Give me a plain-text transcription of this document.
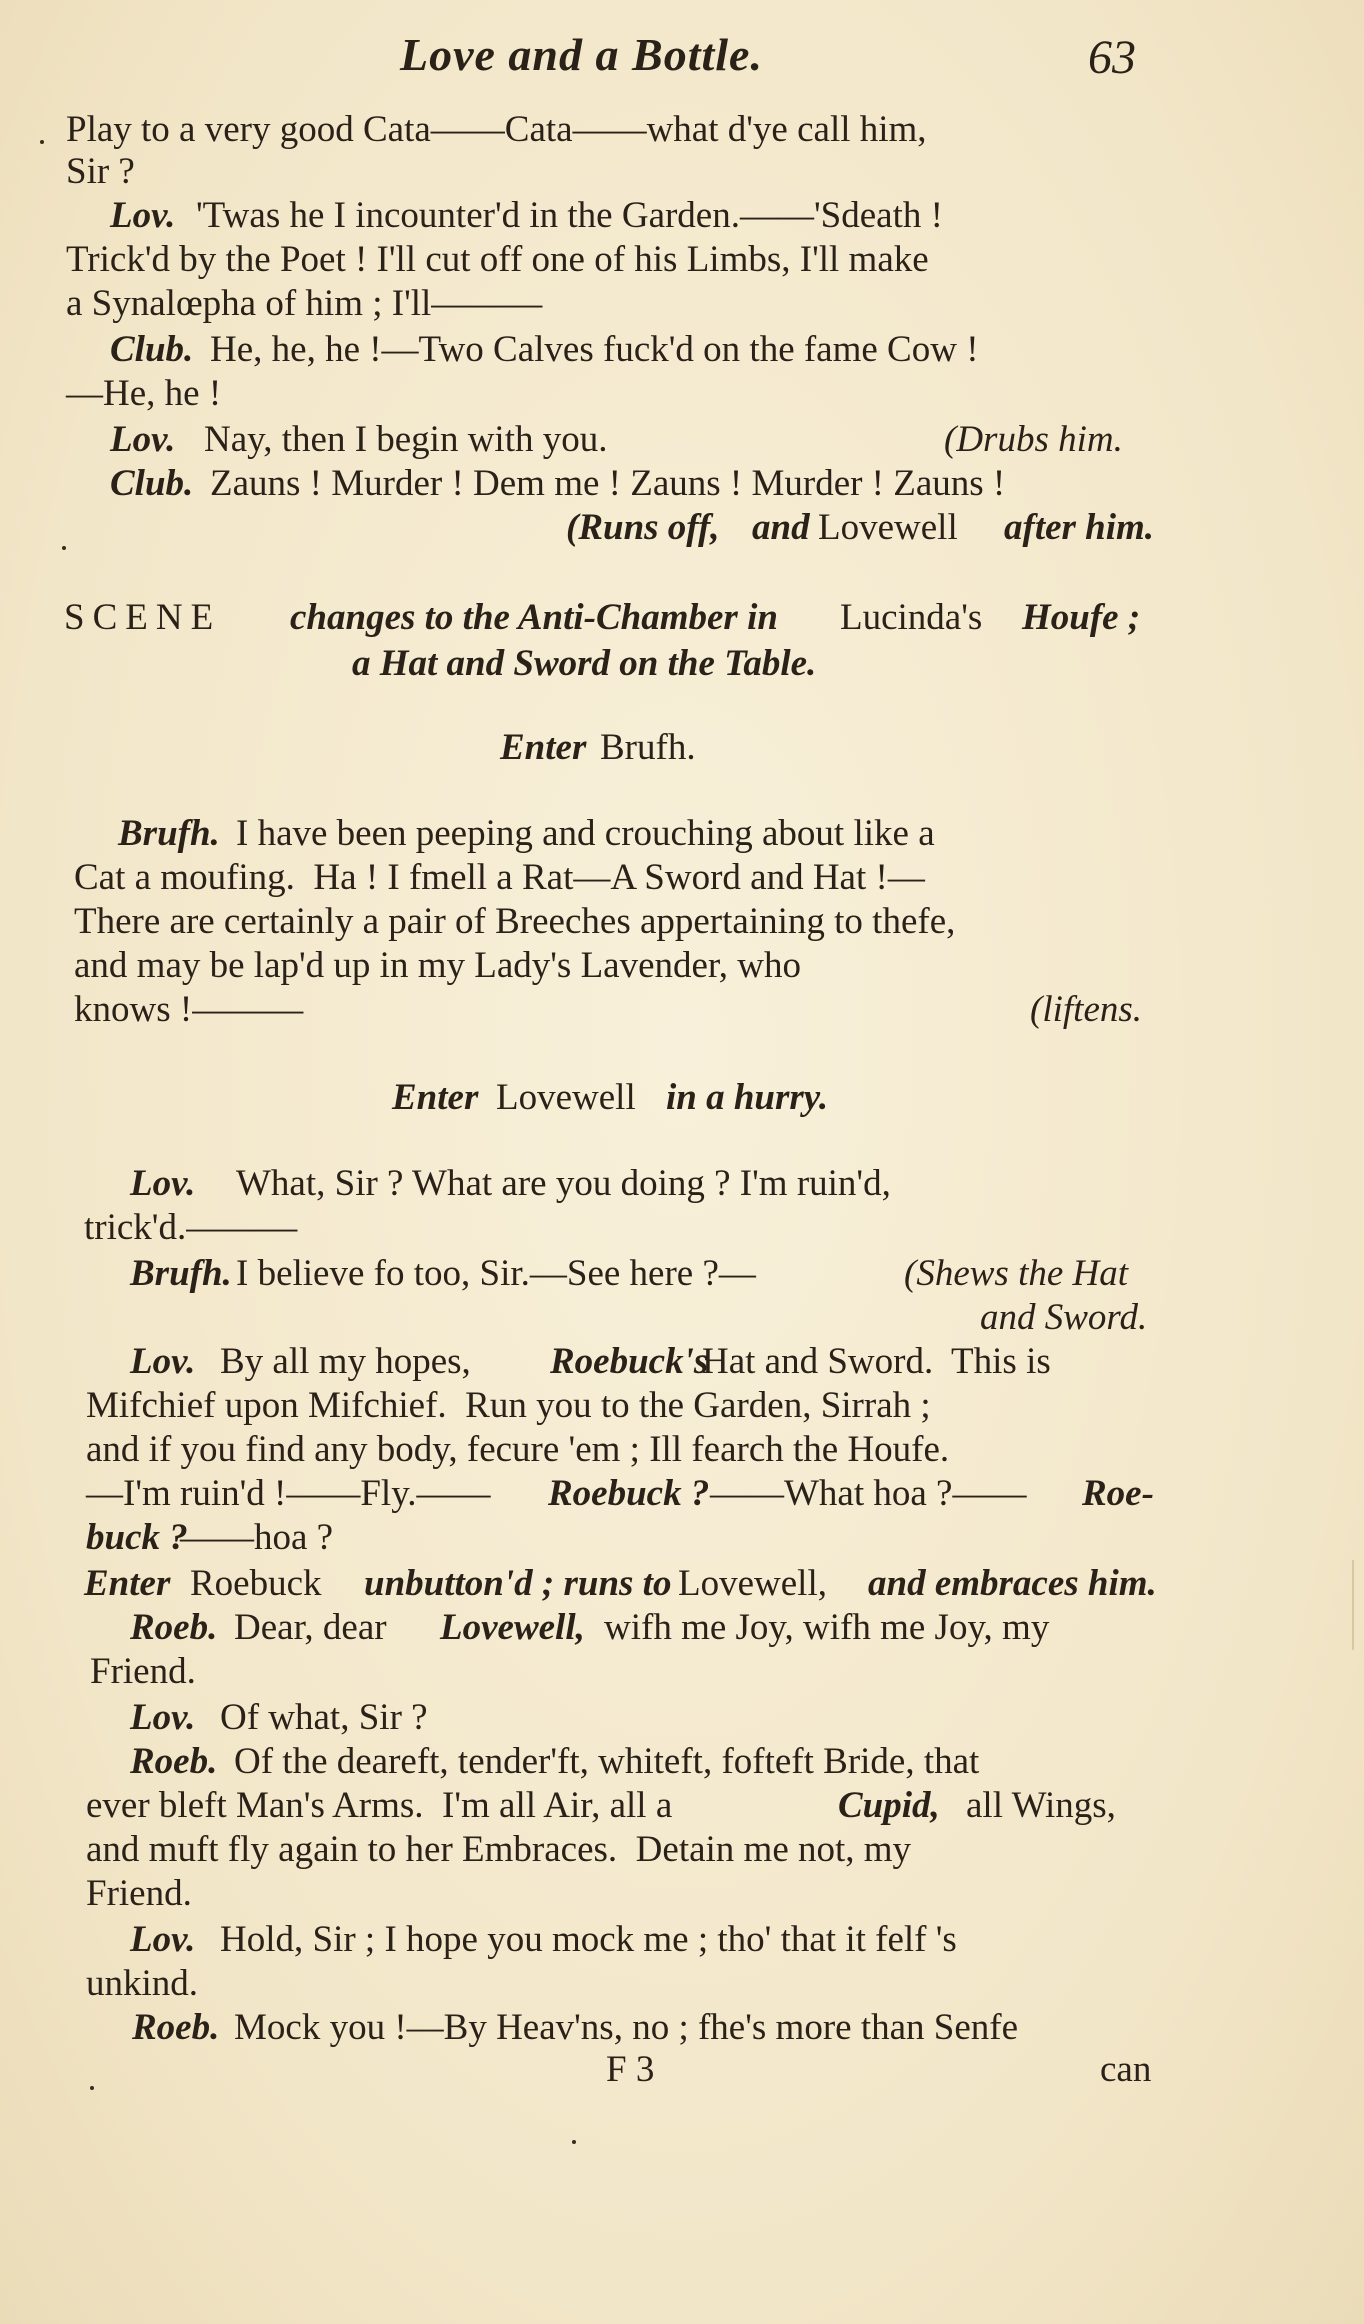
Love and a Bottle.	63
Play to a very good Cata——Cata——what d'ye call him,
Sir ?
Lov. 'Twas he I incounter'd in the Garden.——'Sdeath !
Trick'd by the Poet ! I'll cut off one of his Limbs, I'll make
a Synalœpha of him ; I'll———
Club. He, he, he !—Two Calves fuck'd on the fame Cow !
—He, he !
Lov. Nay, then I begin with you.	(Drubs him.
Club. Zauns ! Murder ! Dem me ! Zauns ! Murder ! Zauns !
(Runs off, and Lovewell after him.
SCENE changes to the Anti-Chamber in Lucinda's Houfe ;
a Hat and Sword on the Table.
Enter Brufh.
Brufh. I have been peeping and crouching about like a
Cat a moufing.  Ha ! I fmell a Rat—A Sword and Hat !—
There are certainly a pair of Breeches appertaining to thefe,
and may be lap'd up in my Lady's Lavender, who
knows !———	(liftens.
Enter Lovewell in a hurry.
Lov. What, Sir ? What are you doing ? I'm ruin'd,
trick'd.———
Brufh. I believe fo too, Sir.—See here ?—	(Shews the Hat
and Sword.
Lov. By all my hopes, Roebuck's
Hat and Sword.  This is
Mifchief upon Mifchief.  Run you to the Garden, Sirrah ;
and if you find any body, fecure 'em ; Ill fearch the Houfe.
—I'm ruin'd !——Fly.—— Roebuck ? ——What hoa ?—— Roe-
buck ?
——hoa ?
Enter Roebuck unbutton'd ; runs to Lovewell, and embraces him.
Roeb. Dear, dear Lovewell, wifh me Joy, wifh me Joy, my
Friend.
Lov. Of what, Sir ?
Roeb. Of the deareft, tender'ft, whiteft, fofteft Bride, that
ever bleft Man's Arms.  I'm all Air, all a	Cupid, all Wings,
and muft fly again to her Embraces.  Detain me not, my
Friend.
Lov. Hold, Sir ; I hope you mock me ; tho' that it felf 's
unkind.
Roeb. Mock you !—By Heav'ns, no ; fhe's more than Senfe
F 3	can
